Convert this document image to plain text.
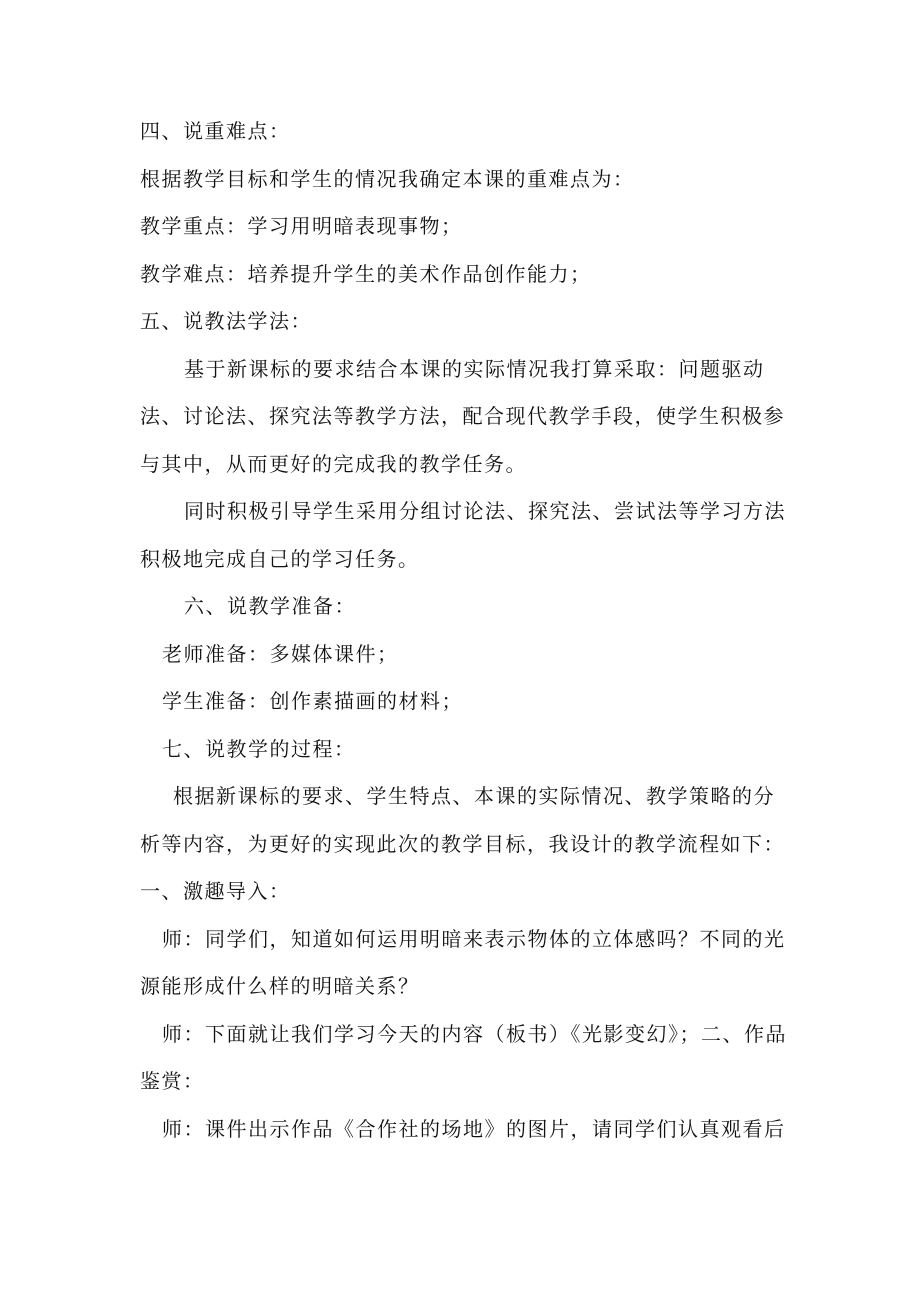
四、说重难点：

根据教学目标和学生的情况我确定本课的重难点为：

教学重点：学习用明暗表现事物；

教学难点：培养提升学生的美术作品创作能力；

五、说教法学法：

基于新课标的要求结合本课的实际情况我打算采取：问题驱动法、讨论法、探究法等教学方法，配合现代教学手段，使学生积极参与其中，从而更好的完成我的教学任务。

同时积极引导学生采用分组讨论法、探究法、尝试法等学习方法积极地完成自己的学习任务。

六、说教学准备：

老师准备：多媒体课件；

学生准备：创作素描画的材料；

七、说教学的过程：

根据新课标的要求、学生特点、本课的实际情况、教学策略的分析等内容，为更好的实现此次的教学目标，我设计的教学流程如下：

一、激趣导入：

师：同学们，知道如何运用明暗来表示物体的立体感吗？不同的光源能形成什么样的明暗关系？

师：下面就让我们学习今天的内容（板书）《光影变幻》；二、作品鉴赏：

师：课件出示作品《合作社的场地》的图片，请同学们认真观看后
